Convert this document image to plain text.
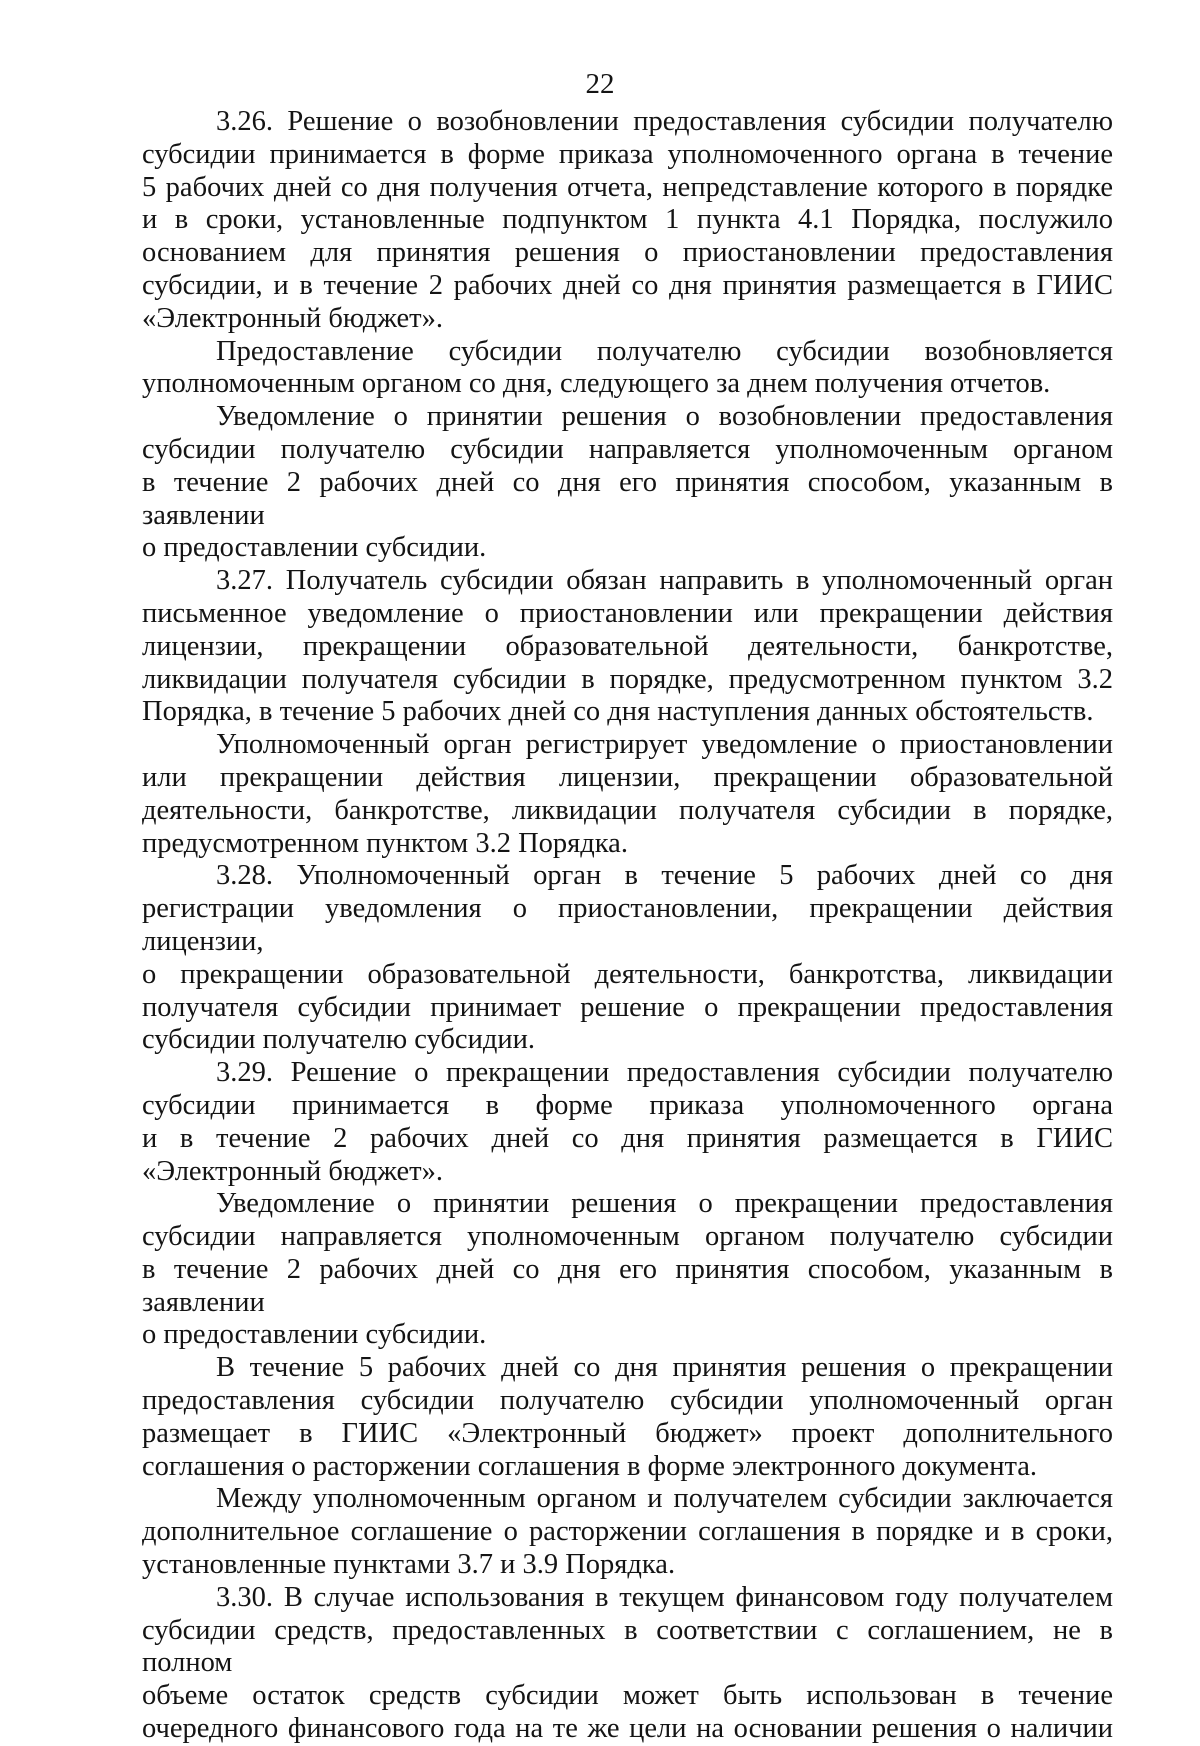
22
3.26. Решение о возобновлении предоставления субсидии получателю
субсидии принимается в форме приказа уполномоченного органа в течение
5 рабочих дней со дня получения отчета, непредставление которого в порядке
и в сроки, установленные подпунктом 1 пункта 4.1 Порядка, послужило
основанием для принятия решения о приостановлении предоставления
субсидии, и в течение 2 рабочих дней со дня принятия размещается в ГИИС
«Электронный бюджет».
Предоставление субсидии получателю субсидии возобновляется
уполномоченным органом со дня, следующего за днем получения отчетов.
Уведомление о принятии решения о возобновлении предоставления
субсидии получателю субсидии направляется уполномоченным органом
в течение 2 рабочих дней со дня его принятия способом, указанным в заявлении
о предоставлении субсидии.
3.27. Получатель субсидии обязан направить в уполномоченный орган
письменное уведомление о приостановлении или прекращении действия
лицензии, прекращении образовательной деятельности, банкротстве,
ликвидации получателя субсидии в порядке, предусмотренном пунктом 3.2
Порядка, в течение 5 рабочих дней со дня наступления данных обстоятельств.
Уполномоченный орган регистрирует уведомление о приостановлении
или прекращении действия лицензии, прекращении образовательной
деятельности, банкротстве, ликвидации получателя субсидии в порядке,
предусмотренном пунктом 3.2 Порядка.
3.28. Уполномоченный орган в течение 5 рабочих дней со дня
регистрации уведомления о приостановлении, прекращении действия лицензии,
о прекращении образовательной деятельности, банкротства, ликвидации
получателя субсидии принимает решение о прекращении предоставления
субсидии получателю субсидии.
3.29. Решение о прекращении предоставления субсидии получателю
субсидии принимается в форме приказа уполномоченного органа
и в течение 2 рабочих дней со дня принятия размещается в ГИИС
«Электронный бюджет».
Уведомление о принятии решения о прекращении предоставления
субсидии направляется уполномоченным органом получателю субсидии
в течение 2 рабочих дней со дня его принятия способом, указанным в заявлении
о предоставлении субсидии.
В течение 5 рабочих дней со дня принятия решения о прекращении
предоставления субсидии получателю субсидии уполномоченный орган
размещает в ГИИС «Электронный бюджет» проект дополнительного
соглашения о расторжении соглашения в форме электронного документа.
Между уполномоченным органом и получателем субсидии заключается
дополнительное соглашение о расторжении соглашения в порядке и в сроки,
установленные пунктами 3.7 и 3.9 Порядка.
3.30. В случае использования в текущем финансовом году получателем
субсидии средств, предоставленных в соответствии с соглашением, не в полном
объеме остаток средств субсидии может быть использован в течение
очередного финансового года на те же цели на основании решения о наличии
